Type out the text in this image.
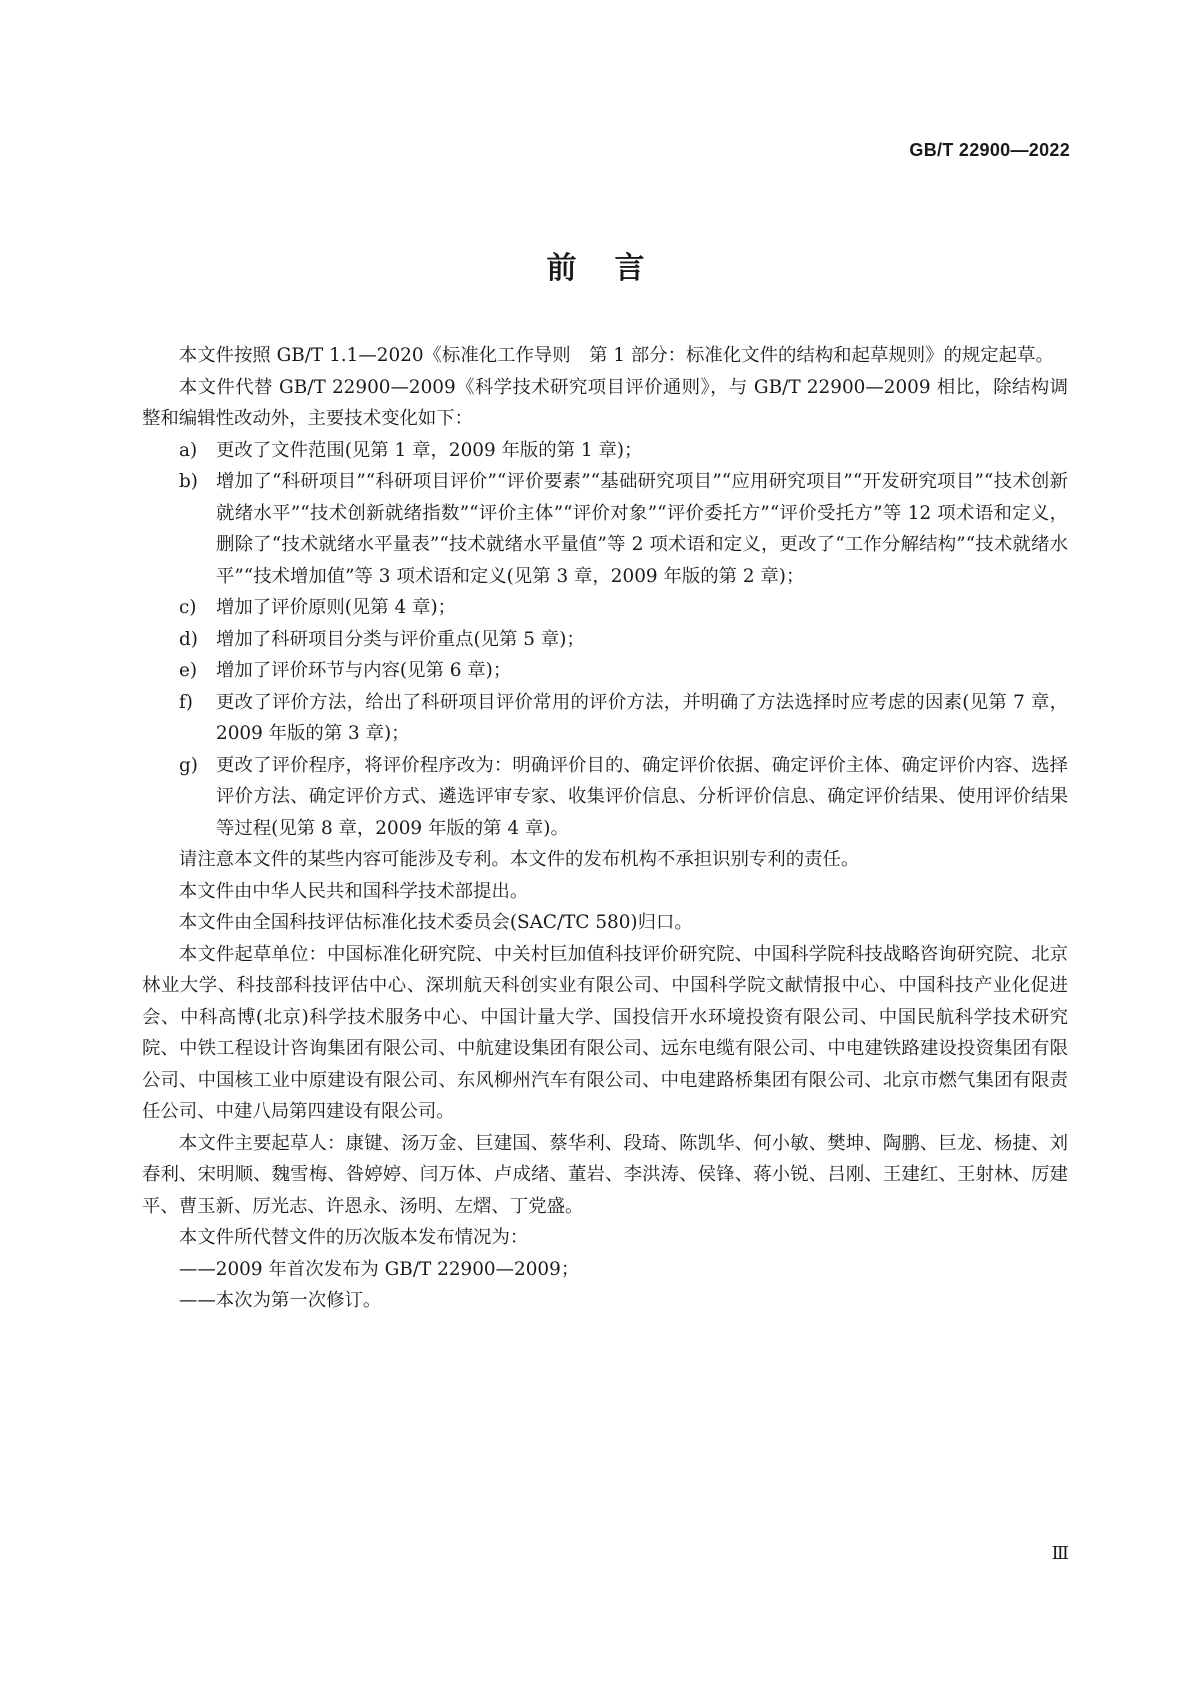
GB/T 22900—2022
前言

本文件按照 GB/T 1.1—2020《标准化工作导则　第 1 部分：标准化文件的结构和起草规则》的规定起草。

本文件代替 GB/T 22900—2009《科学技术研究项目评价通则》，与 GB/T 22900—2009 相比，除结构调整和编辑性改动外，主要技术变化如下：

a)	更改了文件范围(见第 1 章，2009 年版的第 1 章)；
b) 增加了“科研项目”“科研项目评价”“评价要素”“基础研究项目”“应用研究项目”“开发研究项目”“技术创新就绪水平”“技术创新就绪指数”“评价主体”“评价对象”“评价委托方”“评价受托方”等 12 项术语和定义，删除了“技术就绪水平量表”“技术就绪水平量值”等 2 项术语和定义，更改了“工作分解结构”“技术就绪水平”“技术增加值”等 3 项术语和定义(见第 3 章，2009 年版的第 2 章)；
c)	增加了评价原则(见第 4 章)；
d) 增加了科研项目分类与评价重点(见第 5 章)；
e)	增加了评价环节与内容(见第 6 章)；
f)	更改了评价方法，给出了科研项目评价常用的评价方法，并明确了方法选择时应考虑的因素(见第 7 章，2009 年版的第 3 章)；
g) 更改了评价程序，将评价程序改为：明确评价目的、确定评价依据、确定评价主体、确定评价内容、选择评价方法、确定评价方式、遴选评审专家、收集评价信息、分析评价信息、确定评价结果、使用评价结果等过程(见第 8 章，2009 年版的第 4 章)。

请注意本文件的某些内容可能涉及专利。本文件的发布机构不承担识别专利的责任。

本文件由中华人民共和国科学技术部提出。

本文件由全国科技评估标准化技术委员会(SAC/TC 580)归口。

本文件起草单位：中国标准化研究院、中关村巨加值科技评价研究院、中国科学院科技战略咨询研究院、北京林业大学、科技部科技评估中心、深圳航天科创实业有限公司、中国科学院文献情报中心、中国科技产业化促进会、中科高博(北京)科学技术服务中心、中国计量大学、国投信开水环境投资有限公司、中国民航科学技术研究院、中铁工程设计咨询集团有限公司、中航建设集团有限公司、远东电缆有限公司、中电建铁路建设投资集团有限公司、中国核工业中原建设有限公司、东风柳州汽车有限公司、中电建路桥集团有限公司、北京市燃气集团有限责任公司、中建八局第四建设有限公司。

本文件主要起草人：康键、汤万金、巨建国、蔡华利、段琦、陈凯华、何小敏、樊坤、陶鹏、巨龙、杨捷、刘春利、宋明顺、魏雪梅、昝婷婷、闫万体、卢成绪、董岩、李洪涛、侯锋、蒋小锐、吕刚、王建红、王射林、厉建平、曹玉新、厉光志、许恩永、汤明、左熠、丁党盛。

本文件所代替文件的历次版本发布情况为：

——2009 年首次发布为 GB/T 22900—2009；
——本次为第一次修订。
Ⅲ
